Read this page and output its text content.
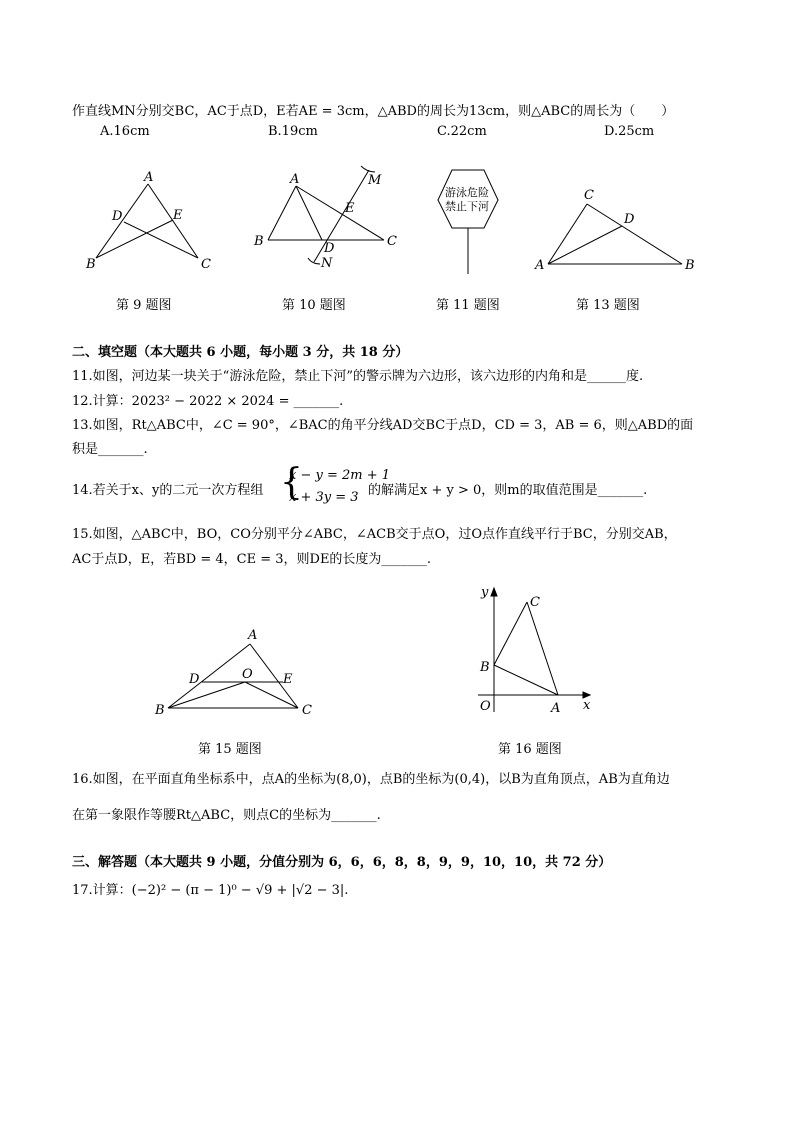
作直线MN分别交BC，AC于点D，E若AE = 3cm，△ABD的周长为13cm，则△ABC的周长为（　　）
A.16cm	B.19cm	C.22cm	D.25cm
A
D	E
B	C
A	M
E
B	D	C
N
游泳危险
禁止下河
C
D
A	B
A
D	O E
B	C
y
C
B
O	A x
第 9 题图	第 10 题图	第 11 题图	第 13 题图
第 15 题图	第 16 题图
二、填空题（本大题共 6 小题，每小题 3 分，共 18 分）
11.如图，河边某一块关于“游泳危险，禁止下河”的警示牌为六边形，该六边形的内角和是______度.
12.计算：2023² − 2022 × 2024 = _______.
13.如图，Rt△ABC中，∠C = 90°，∠BAC的角平分线AD交BC于点D，CD = 3，AB = 6，则△ABD的面
积是_______.
14.若关于x、y的二元一次方程组 {
x − y = 2m + 1
x + 3y = 3 的解满足x + y > 0，则m的取值范围是_______.
15.如图，△ABC中，BO，CO分别平分∠ABC，∠ACB交于点O，过O点作直线平行于BC，分别交AB，
AC于点D，E，若BD = 4，CE = 3，则DE的长度为_______.
16.如图，在平面直角坐标系中，点A的坐标为(8,0)，点B的坐标为(0,4)，以B为直角顶点，AB为直角边
在第一象限作等腰Rt△ABC，则点C的坐标为_______.
三、解答题（本大题共 9 小题，分值分别为 6，6，6，8，8，9，9，10，10，共 72 分）
17.计算：(−2)² − (π − 1)⁰ − √9 + |√2 − 3|.
